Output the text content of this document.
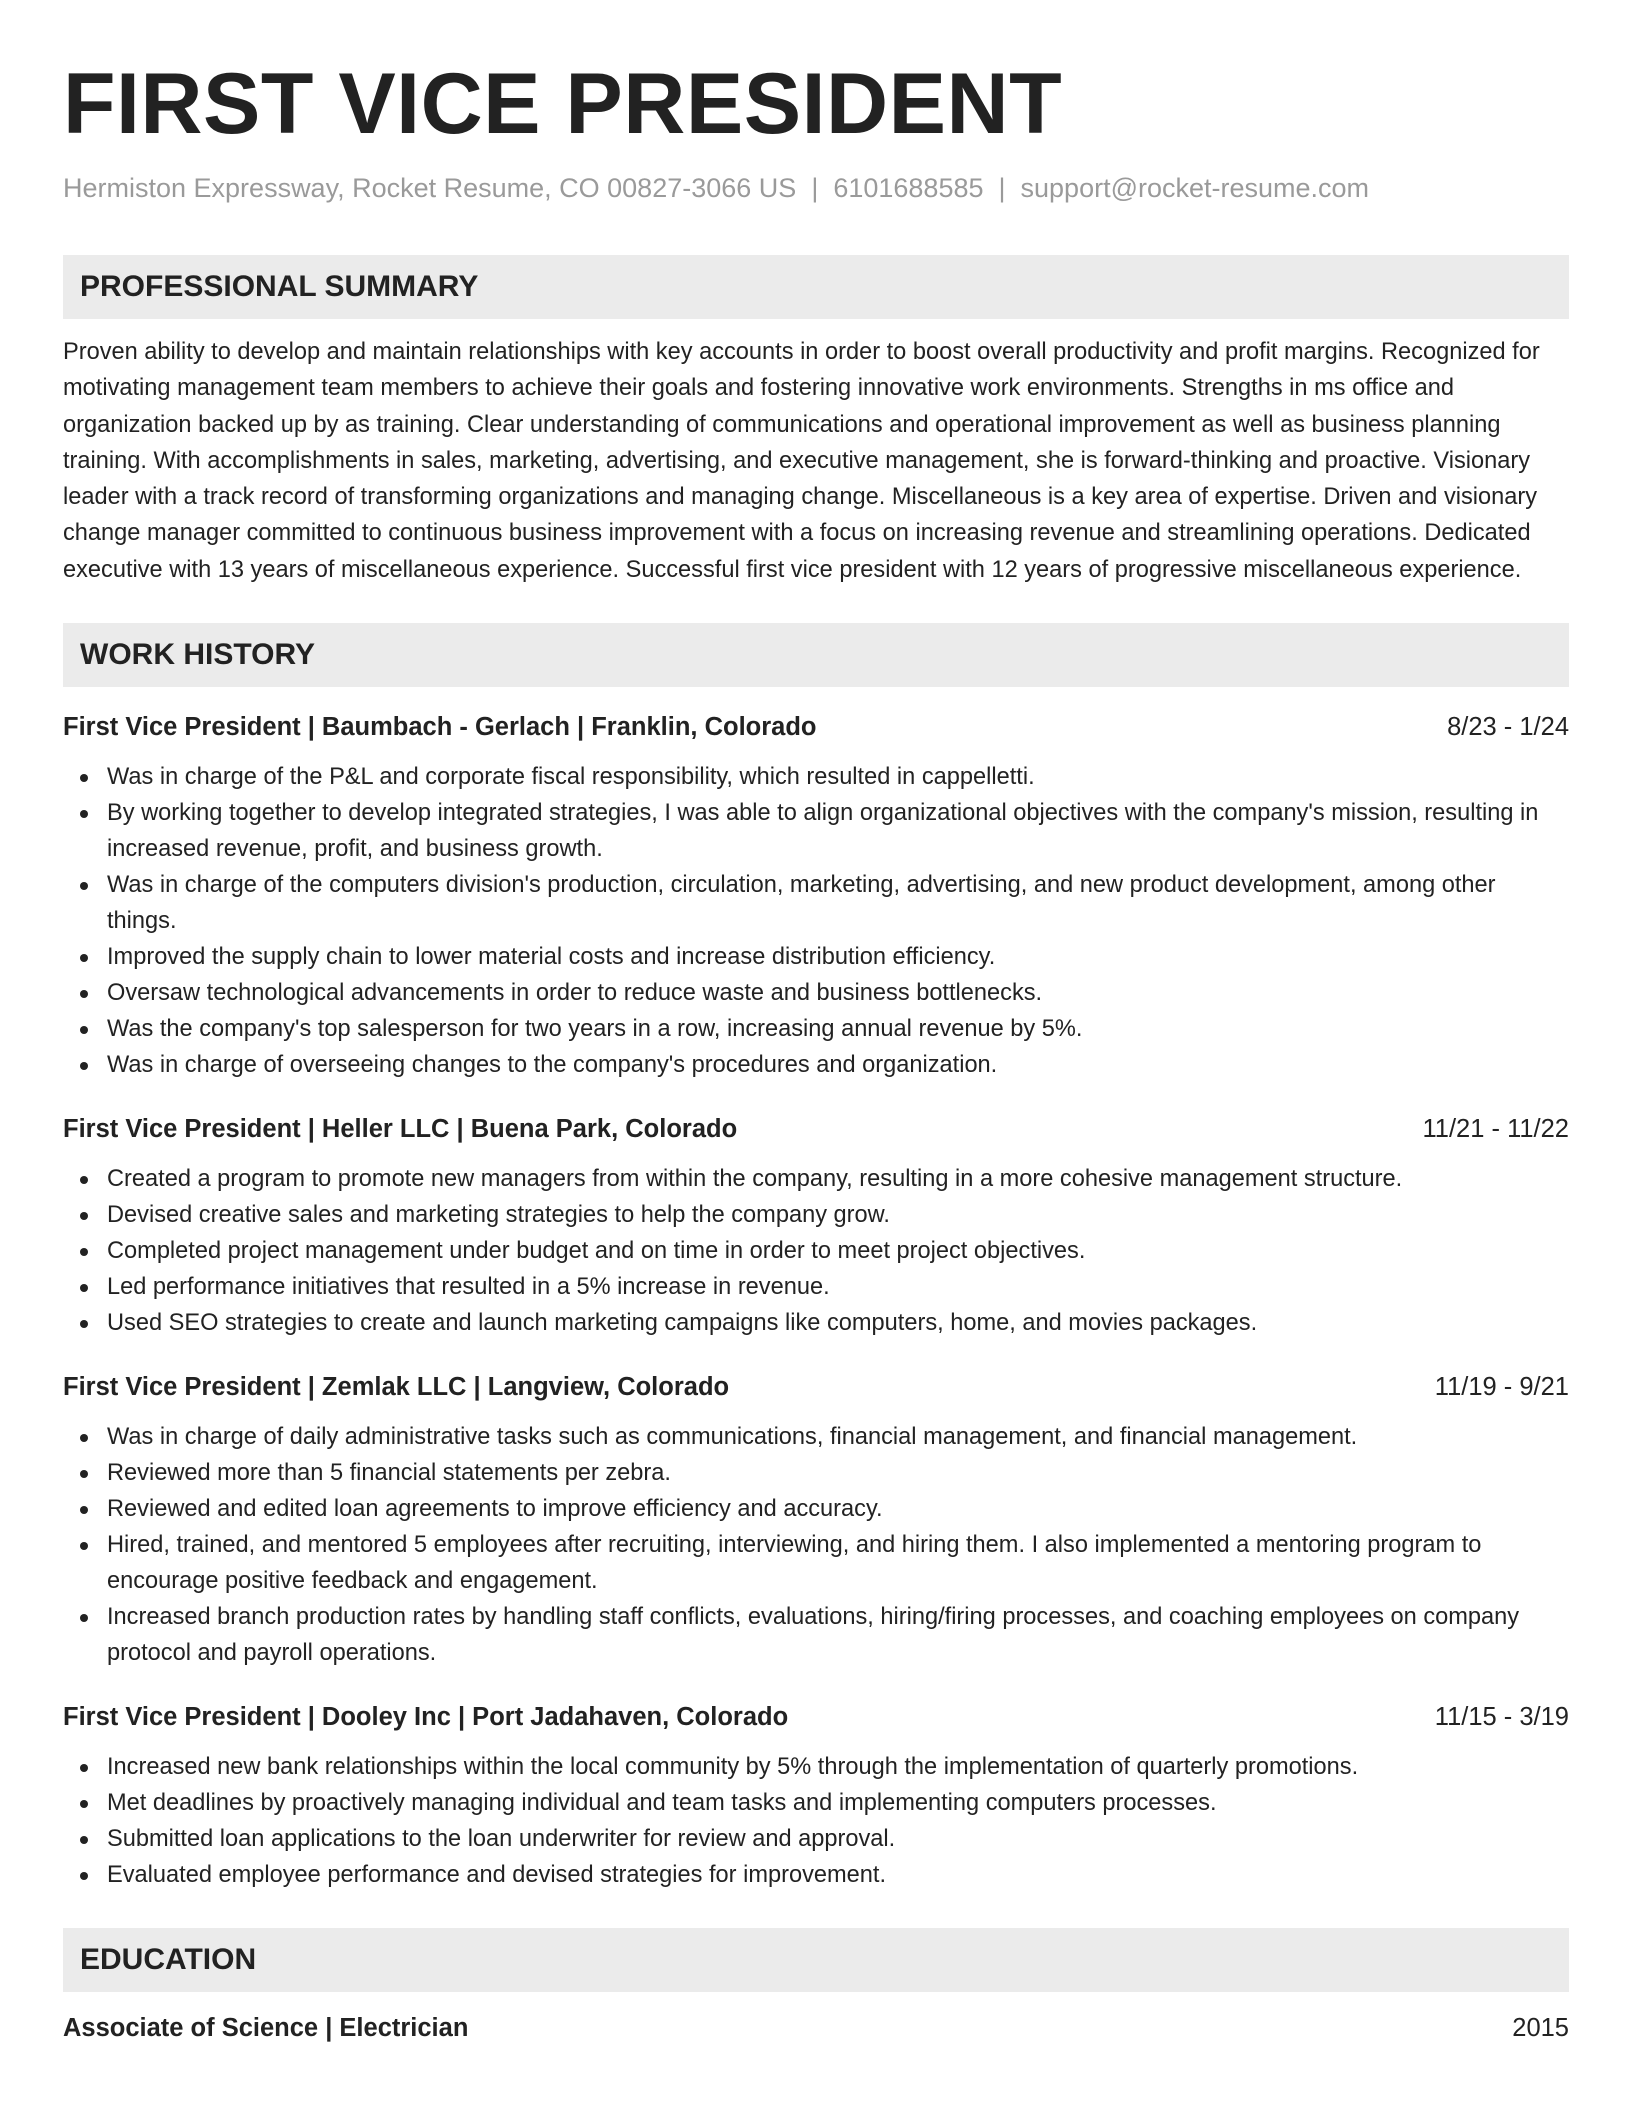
FIRST VICE PRESIDENT
Hermiston Expressway, Rocket Resume, CO 00827-3066 US | 6101688585 | support@rocket-resume.com
PROFESSIONAL SUMMARY
Proven ability to develop and maintain relationships with key accounts in order to boost overall productivity and profit margins. Recognized for motivating management team members to achieve their goals and fostering innovative work environments. Strengths in ms office and organization backed up by as training. Clear understanding of communications and operational improvement as well as business planning training. With accomplishments in sales, marketing, advertising, and executive management, she is forward-thinking and proactive. Visionary leader with a track record of transforming organizations and managing change. Miscellaneous is a key area of expertise. Driven and visionary change manager committed to continuous business improvement with a focus on increasing revenue and streamlining operations. Dedicated executive with 13 years of miscellaneous experience. Successful first vice president with 12 years of progressive miscellaneous experience.
WORK HISTORY
First Vice President | Baumbach - Gerlach | Franklin, Colorado	8/23 - 1/24
Was in charge of the P&L and corporate fiscal responsibility, which resulted in cappelletti.
By working together to develop integrated strategies, I was able to align organizational objectives with the company's mission, resulting in increased revenue, profit, and business growth.
Was in charge of the computers division's production, circulation, marketing, advertising, and new product development, among other things.
Improved the supply chain to lower material costs and increase distribution efficiency.
Oversaw technological advancements in order to reduce waste and business bottlenecks.
Was the company's top salesperson for two years in a row, increasing annual revenue by 5%.
Was in charge of overseeing changes to the company's procedures and organization.
First Vice President | Heller LLC | Buena Park, Colorado	11/21 - 11/22
Created a program to promote new managers from within the company, resulting in a more cohesive management structure.
Devised creative sales and marketing strategies to help the company grow.
Completed project management under budget and on time in order to meet project objectives.
Led performance initiatives that resulted in a 5% increase in revenue.
Used SEO strategies to create and launch marketing campaigns like computers, home, and movies packages.
First Vice President | Zemlak LLC | Langview, Colorado	11/19 - 9/21
Was in charge of daily administrative tasks such as communications, financial management, and financial management.
Reviewed more than 5 financial statements per zebra.
Reviewed and edited loan agreements to improve efficiency and accuracy.
Hired, trained, and mentored 5 employees after recruiting, interviewing, and hiring them. I also implemented a mentoring program to encourage positive feedback and engagement.
Increased branch production rates by handling staff conflicts, evaluations, hiring/firing processes, and coaching employees on company protocol and payroll operations.
First Vice President | Dooley Inc | Port Jadahaven, Colorado	11/15 - 3/19
Increased new bank relationships within the local community by 5% through the implementation of quarterly promotions.
Met deadlines by proactively managing individual and team tasks and implementing computers processes.
Submitted loan applications to the loan underwriter for review and approval.
Evaluated employee performance and devised strategies for improvement.
EDUCATION
Associate of Science | Electrician	2015
